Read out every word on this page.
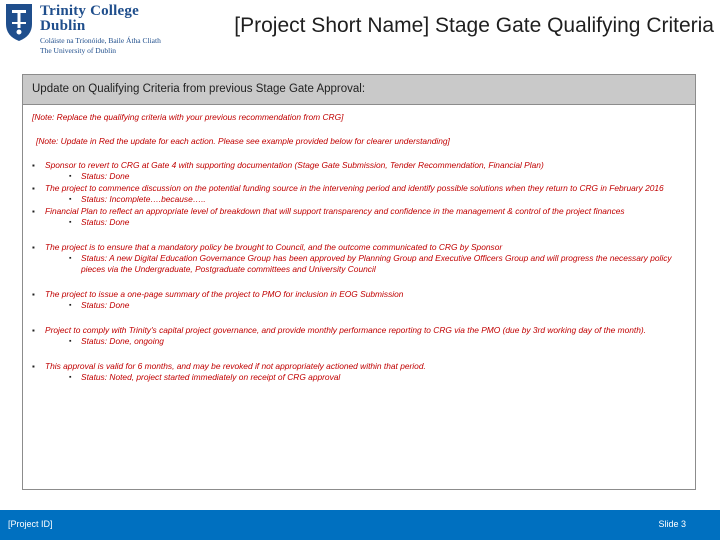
Trinity College Dublin
Coláiste na Tríonóide, Baile Átha Cliath
The University of Dublin
[Project Short Name] Stage Gate Qualifying Criteria
Update on Qualifying Criteria from previous Stage Gate Approval:
[Note: Replace the qualifying criteria with your previous recommendation from CRG]
[Note: Update in Red the update for each action. Please see example provided below for clearer understanding]
▪ Sponsor to revert to CRG at Gate 4 with supporting documentation (Stage Gate Submission, Tender Recommendation, Financial Plan)
▪ Status: Done
▪ The project to commence discussion on the potential funding source in the intervening period and identify possible solutions when they return to CRG in February 2016
▪ Status: Incomplete….because…..
▪ Financial Plan to reflect an appropriate level of breakdown that will support transparency and confidence in the management & control of the project finances
▪ Status: Done
▪ The project is to ensure that a mandatory policy be brought to Council, and the outcome communicated to CRG by Sponsor
▪ Status: A new Digital Education Governance Group has been approved by Planning Group and Executive Officers Group and will progress the necessary policy pieces via the Undergraduate, Postgraduate committees and University Council
▪ The project to issue a one-page summary of the project to PMO for inclusion in EOG Submission
▪ Status: Done
▪ Project to comply with Trinity's capital project governance, and provide monthly performance reporting to CRG via the PMO (due by 3rd working day of the month).
▪ Status: Done, ongoing
▪ This approval is valid for 6 months, and may be revoked if not appropriately actioned within that period.
▪ Status: Noted, project started immediately on receipt of CRG approval
[Project ID]	Slide 3
